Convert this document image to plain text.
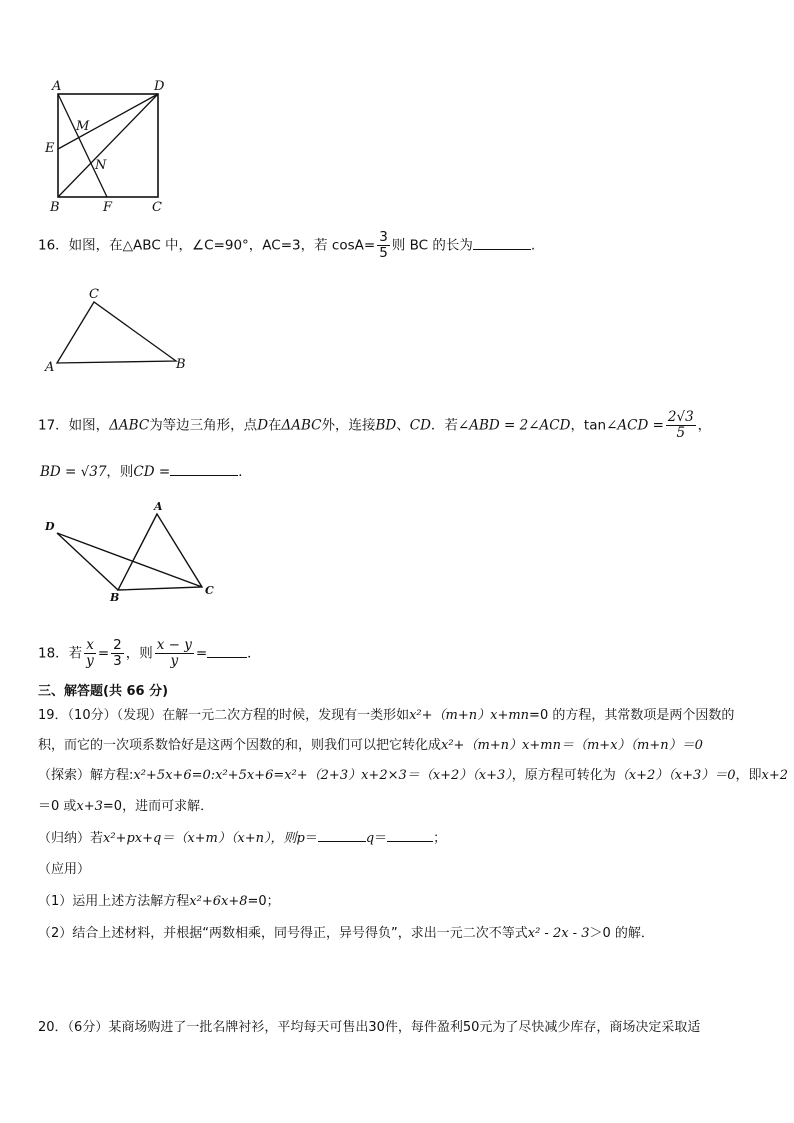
A	D
M
E
N
B	F	C
16．如图，在△ABC 中，∠C=90°，AC=3，若 $\cos A= \frac{3}{5}$ 则 BC 的长为	.
C
A	B
17．如图，ΔABC为等边三角形，点D在ΔABC外，连接BD、CD．若∠ABD = 2∠ACD，tan∠ACD = $\frac{2√3}{5}$ ，
BD = √37，则CD =	．
D
A
B
C
18．若 $\frac{x}{y} = \frac{2}{3}$ ，则 $\frac{x - y}{y}$ =	．
三、解答题(共 66 分)
19．（10分）（发现）在解一元二次方程的时候，发现有一类形如x²+（m+n）x+mn=0 的方程，其常数项是两个因数的
积，而它的一次项系数恰好是这两个因数的和，则我们可以把它转化成x²+（m+n）x+mn＝（m+x）（m+n）＝0
（探索）解方程:x²+5x+6=0:x²+5x+6=x²+（2+3）x+2×3＝（x+2）（x+3），原方程可转化为（x+2）（x+3）＝0，即x+2
＝0 或x+3=0，进而可求解．
（归纳）若x²+px+q＝（x+m）（x+n），则p＝	q＝	；
（应用）
（1）运用上述方法解方程x²+6x+8=0；
（2）结合上述材料，并根据“两数相乘，同号得正，异号得负”，求出一元二次不等式x² - 2x - 3＞0 的解．
20．（6分）某商场购进了一批名牌衬衫，平均每天可售出30件，每件盈利50元为了尽快减少库存，商场决定采取适
